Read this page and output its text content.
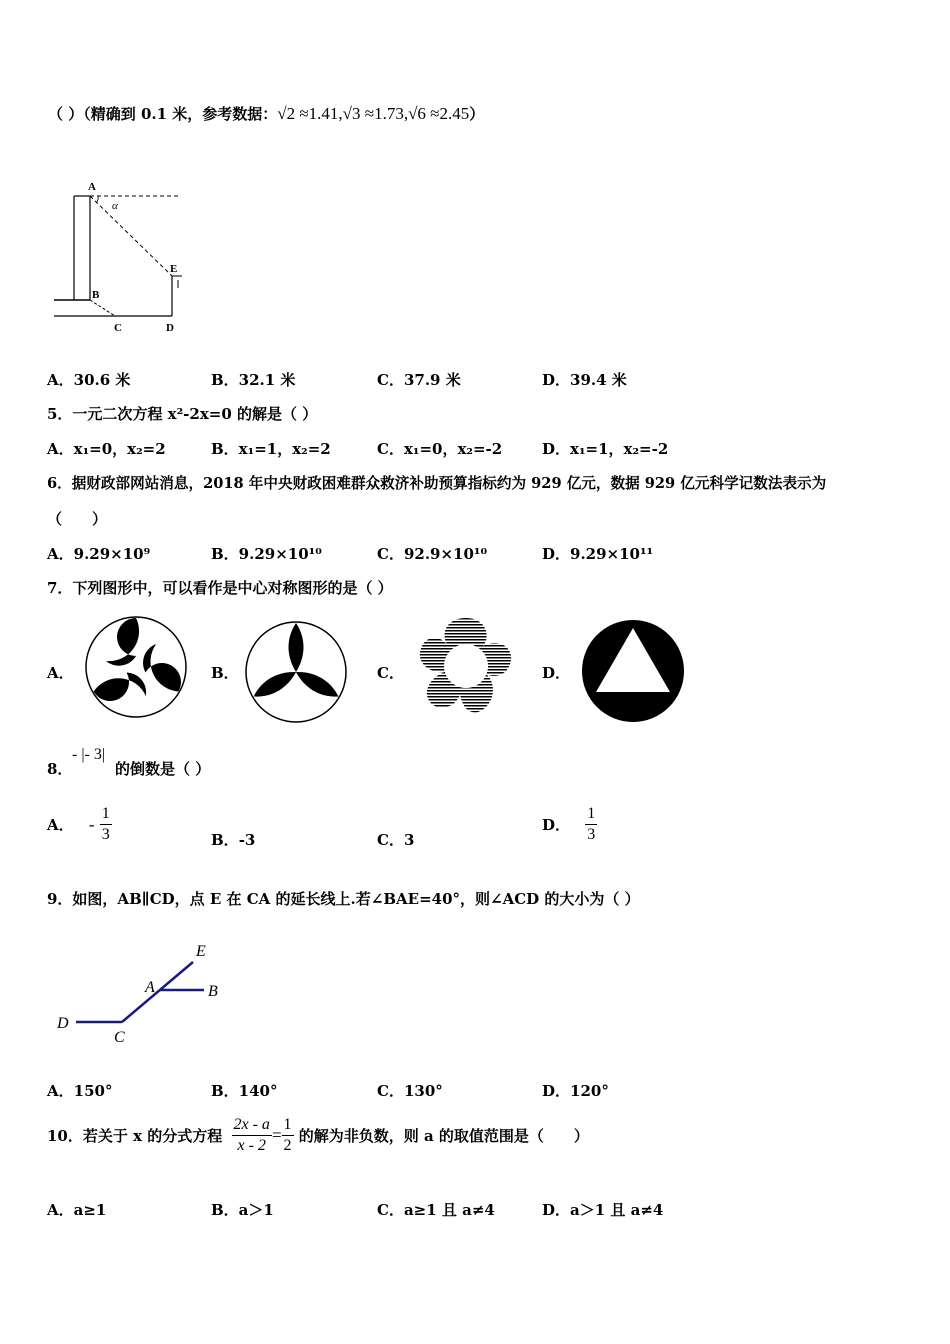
（ ）（精确到 0.1 米，参考数据：√2 ≈1.41,√3 ≈1.73,√6 ≈2.45）
A
α
E
B
C	D
A．30.6 米	B．32.1 米	C．37.9 米	D．39.4 米
5．一元二次方程 x²-2x=0 的解是（ ）
A．x₁=0，x₂=2	B．x₁=1，x₂=2	C．x₁=0，x₂=-2	D．x₁=1，x₂=-2
6．据财政部网站消息，2018 年中央财政困难群众救济补助预算指标约为 929 亿元，数据 929 亿元科学记数法表示为
（　　）
A．9.29×10⁹	B．9.29×10¹⁰	C．92.9×10¹⁰	D．9.29×10¹¹
7．下列图形中，可以看作是中心对称图形的是（ ）
A．	B．	C．	D．
8．
- |- 3|
的倒数是（ ）
A． - $\frac{1}{3}$	B．-3	C．3
D． $\frac{1}{3}$
9．如图，AB∥CD，点 E 在 CA 的延长线上.若∠BAE=40°，则∠ACD 的大小为（ ）
E
A	B
D
C
A．150°	B．140°	C．130°	D．120°
10．若关于 x 的分式方程 $\frac{2x - a}{x - 2} = \frac{1}{2}$ 的解为非负数，则 a 的取值范围是（　　）
A．a≥1	B．a＞1	C．a≥1 且 a≠4	D．a＞1 且 a≠4
